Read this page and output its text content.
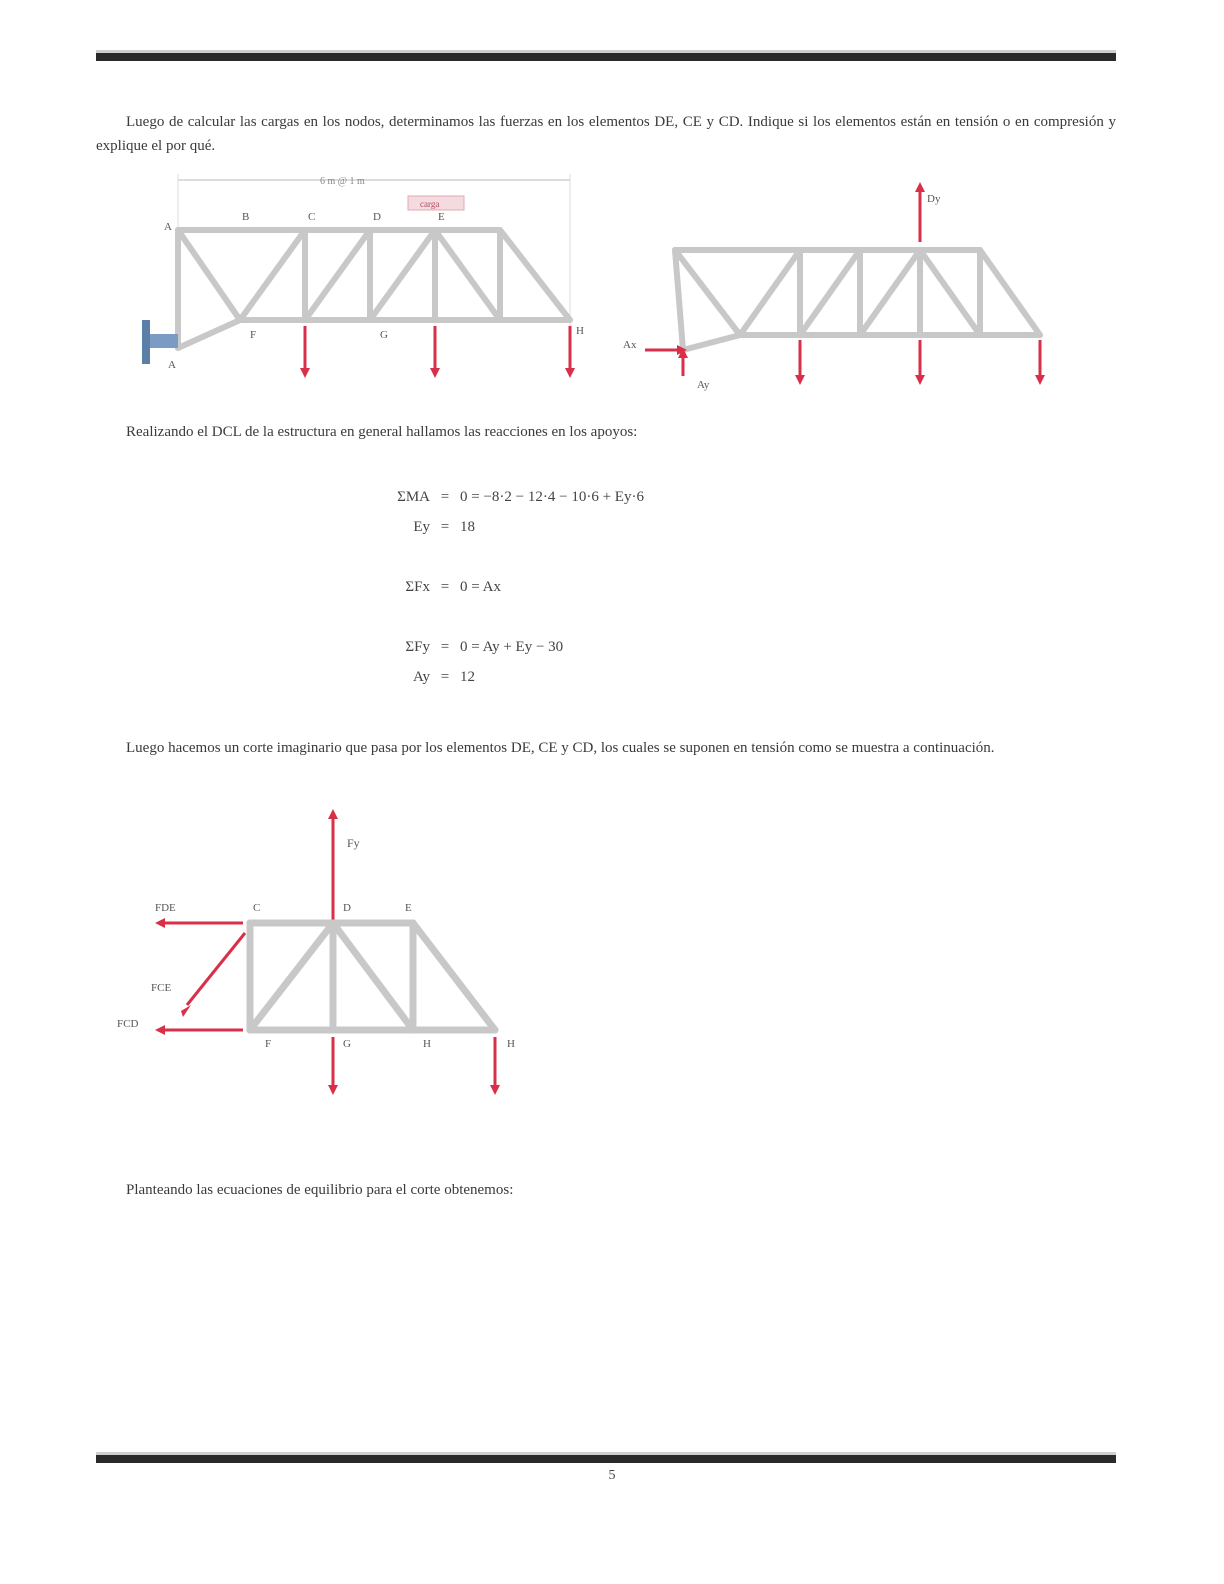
Luego de calcular las cargas en los nodos, determinamos las fuerzas en los elementos DE, CE y CD. Indique si los elementos están en tensión o en compresión y explique el por qué.

6 m @ 1 m
carga
A
B	C	D	E
F	G	H
A
Dy
Ax
Ay

Realizando el DCL de la estructura en general hallamos las reacciones en los apoyos:

ΣMA = 0 = −8·2 − 12·4 − 10·6 + Ey·6
Ey = 18
ΣFx = 0 = Ax
ΣFy = 0 = Ay + Ey − 30
Ay = 12

Luego hacemos un corte imaginario que pasa por los elementos DE, CE y CD, los cuales se suponen en tensión como se muestra a continuación.

Fy
FDE
FCE
FCD
C	D	E
F	G	H	H

Planteando las ecuaciones de equilibrio para el corte obtenemos:

5
